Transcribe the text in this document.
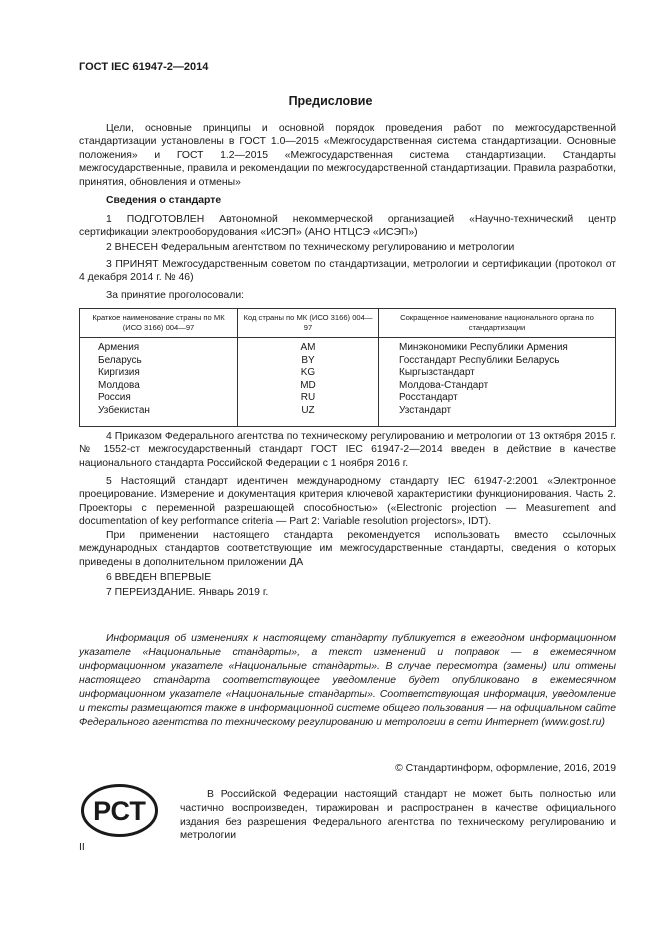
ГОСТ IEC 61947-2—2014
Предисловие

Цели, основные принципы и основной порядок проведения работ по межгосударственной стандартизации установлены в ГОСТ 1.0—2015 «Межгосударственная система стандартизации. Основные положения» и ГОСТ 1.2—2015 «Межгосударственная система стандартизации. Стандарты межгосударственные, правила и рекомендации по межгосударственной стандартизации. Правила разработки, принятия, обновления и отмены»

Сведения о стандарте

1 ПОДГОТОВЛЕН Автономной некоммерческой организацией «Научно-технический центр сертификации электрооборудования «ИСЭП» (АНО НТЦСЭ «ИСЭП»)

2 ВНЕСЕН Федеральным агентством по техническому регулированию и метрологии

3 ПРИНЯТ Межгосударственным советом по стандартизации, метрологии и сертификации (протокол от 4 декабря 2014 г. № 46)

За принятие проголосовали:
Краткое наименование страны по МК (ИСО 3166) 004—97	Код страны по МК (ИСО 3166) 004—97	Сокращенное наименование национального органа по стандартизации
Армения	AM	Минэкономики Республики Армения
Беларусь	BY	Госстандарт Республики Беларусь
Киргизия	KG	Кыргызстандарт
Молдова	MD	Молдова-Стандарт
Россия	RU	Росстандарт
Узбекистан	UZ	Узстандарт

4 Приказом Федерального агентства по техническому регулированию и метрологии от 13 октября 2015 г. № 1552-ст межгосударственный стандарт ГОСТ IEC 61947-2—2014 введен в действие в качестве национального стандарта Российской Федерации с 1 ноября 2016 г.

5 Настоящий стандарт идентичен международному стандарту IEC 61947-2:2001 «Электронное проецирование. Измерение и документация критерия ключевой характеристики функционирования. Часть 2. Проекторы с переменной разрешающей способностью» («Electronic projection — Measurement and documentation of key performance criteria — Part 2: Variable resolution projectors», IDT).

При применении настоящего стандарта рекомендуется использовать вместо ссылочных международных стандартов соответствующие им межгосударственные стандарты, сведения о которых приведены в дополнительном приложении ДА

6 ВВЕДЕН ВПЕРВЫЕ

7 ПЕРЕИЗДАНИЕ. Январь 2019 г.

Информация об изменениях к настоящему стандарту публикуется в ежегодном информационном указателе «Национальные стандарты», а текст изменений и поправок — в ежемесячном информационном указателе «Национальные стандарты». В случае пересмотра (замены) или отмены настоящего стандарта соответствующее уведомление будет опубликовано в ежемесячном информационном указателе «Национальные стандарты». Соответствующая информация, уведомление и тексты размещаются также в информационной системе общего пользования — на официальном сайте Федерального агентства по техническому регулированию и метрологии в сети Интернет (www.gost.ru)

© Стандартинформ, оформление, 2016, 2019
РСТ

В Российской Федерации настоящий стандарт не может быть полностью или частично воспроизведен, тиражирован и распространен в качестве официального издания без разрешения Федерального агентства по техническому регулированию и метрологии

II
